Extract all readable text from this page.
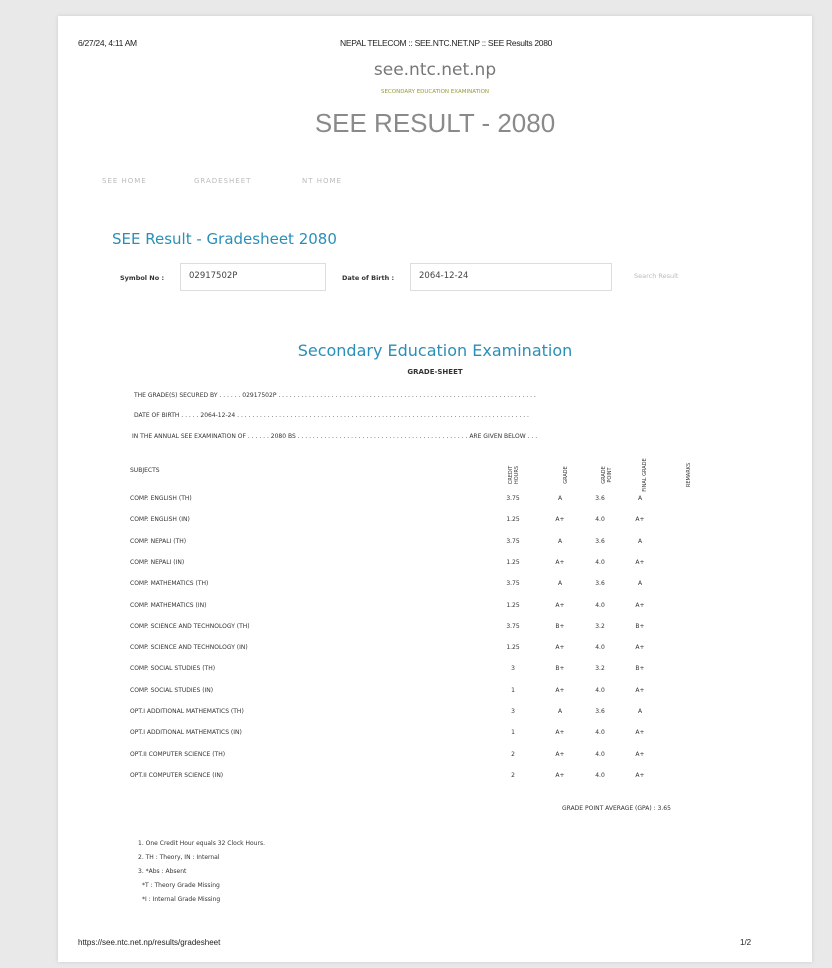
6/27/24, 4:11 AM	NEPAL TELECOM :: SEE.NTC.NET.NP :: SEE Results 2080
see.ntc.net.np
SECONDARY EDUCATION EXAMINATION
SEE RESULT - 2080
SEE HOME	GRADESHEET	NT HOME
SEE Result - Gradesheet 2080
Symbol No :	02917502P	Date of Birth :	2064-12-24	Search Result
Secondary Education Examination
GRADE-SHEET
THE GRADE(S) SECURED BY . . . . . . 02917502P . . . . . . . . . . . . . . . . . . . . . . . . . . . . . . . . . . . . . . . . . . . . . . . . . . . . . . . . . . . . . . . . . . . .
DATE OF BIRTH . . . . . 2064-12-24 . . . . . . . . . . . . . . . . . . . . . . . . . . . . . . . . . . . . . . . . . . . . . . . . . . . . . . . . . . . . . . . . . . . . . . . . . . . . .
IN THE ANNUAL SEE EXAMINATION OF . . . . . . 2080 BS . . . . . . . . . . . . . . . . . . . . . . . . . . . . . . . . . . . . . . . . . . . . . ARE GIVEN BELOW . . .
SUBJECTS	CREDIT HOURS	GRADE	GRADE POINT	FINAL GRADE	REMARKS
COMP. ENGLISH (TH)	3.75	A	3.6	A
COMP. ENGLISH (IN)	1.25	A+	4.0	A+
COMP. NEPALI (TH)	3.75	A	3.6	A
COMP. NEPALI (IN)	1.25	A+	4.0	A+
COMP. MATHEMATICS (TH)	3.75	A	3.6	A
COMP. MATHEMATICS (IN)	1.25	A+	4.0	A+
COMP. SCIENCE AND TECHNOLOGY (TH)	3.75	B+	3.2	B+
COMP. SCIENCE AND TECHNOLOGY (IN)	1.25	A+	4.0	A+
COMP. SOCIAL STUDIES (TH)	3	B+	3.2	B+
COMP. SOCIAL STUDIES (IN)	1	A+	4.0	A+
OPT.I ADDITIONAL MATHEMATICS (TH)	3	A	3.6	A
OPT.I ADDITIONAL MATHEMATICS (IN)	1	A+	4.0	A+
OPT.II COMPUTER SCIENCE (TH)	2	A+	4.0	A+
OPT.II COMPUTER SCIENCE (IN)	2	A+	4.0	A+
GRADE POINT AVERAGE (GPA) : 3.65
1. One Credit Hour equals 32 Clock Hours.
2. TH : Theory, IN : Internal
3. *Abs : Absent
*T : Theory Grade Missing
*I : Internal Grade Missing
https://see.ntc.net.np/results/gradesheet	1/2
